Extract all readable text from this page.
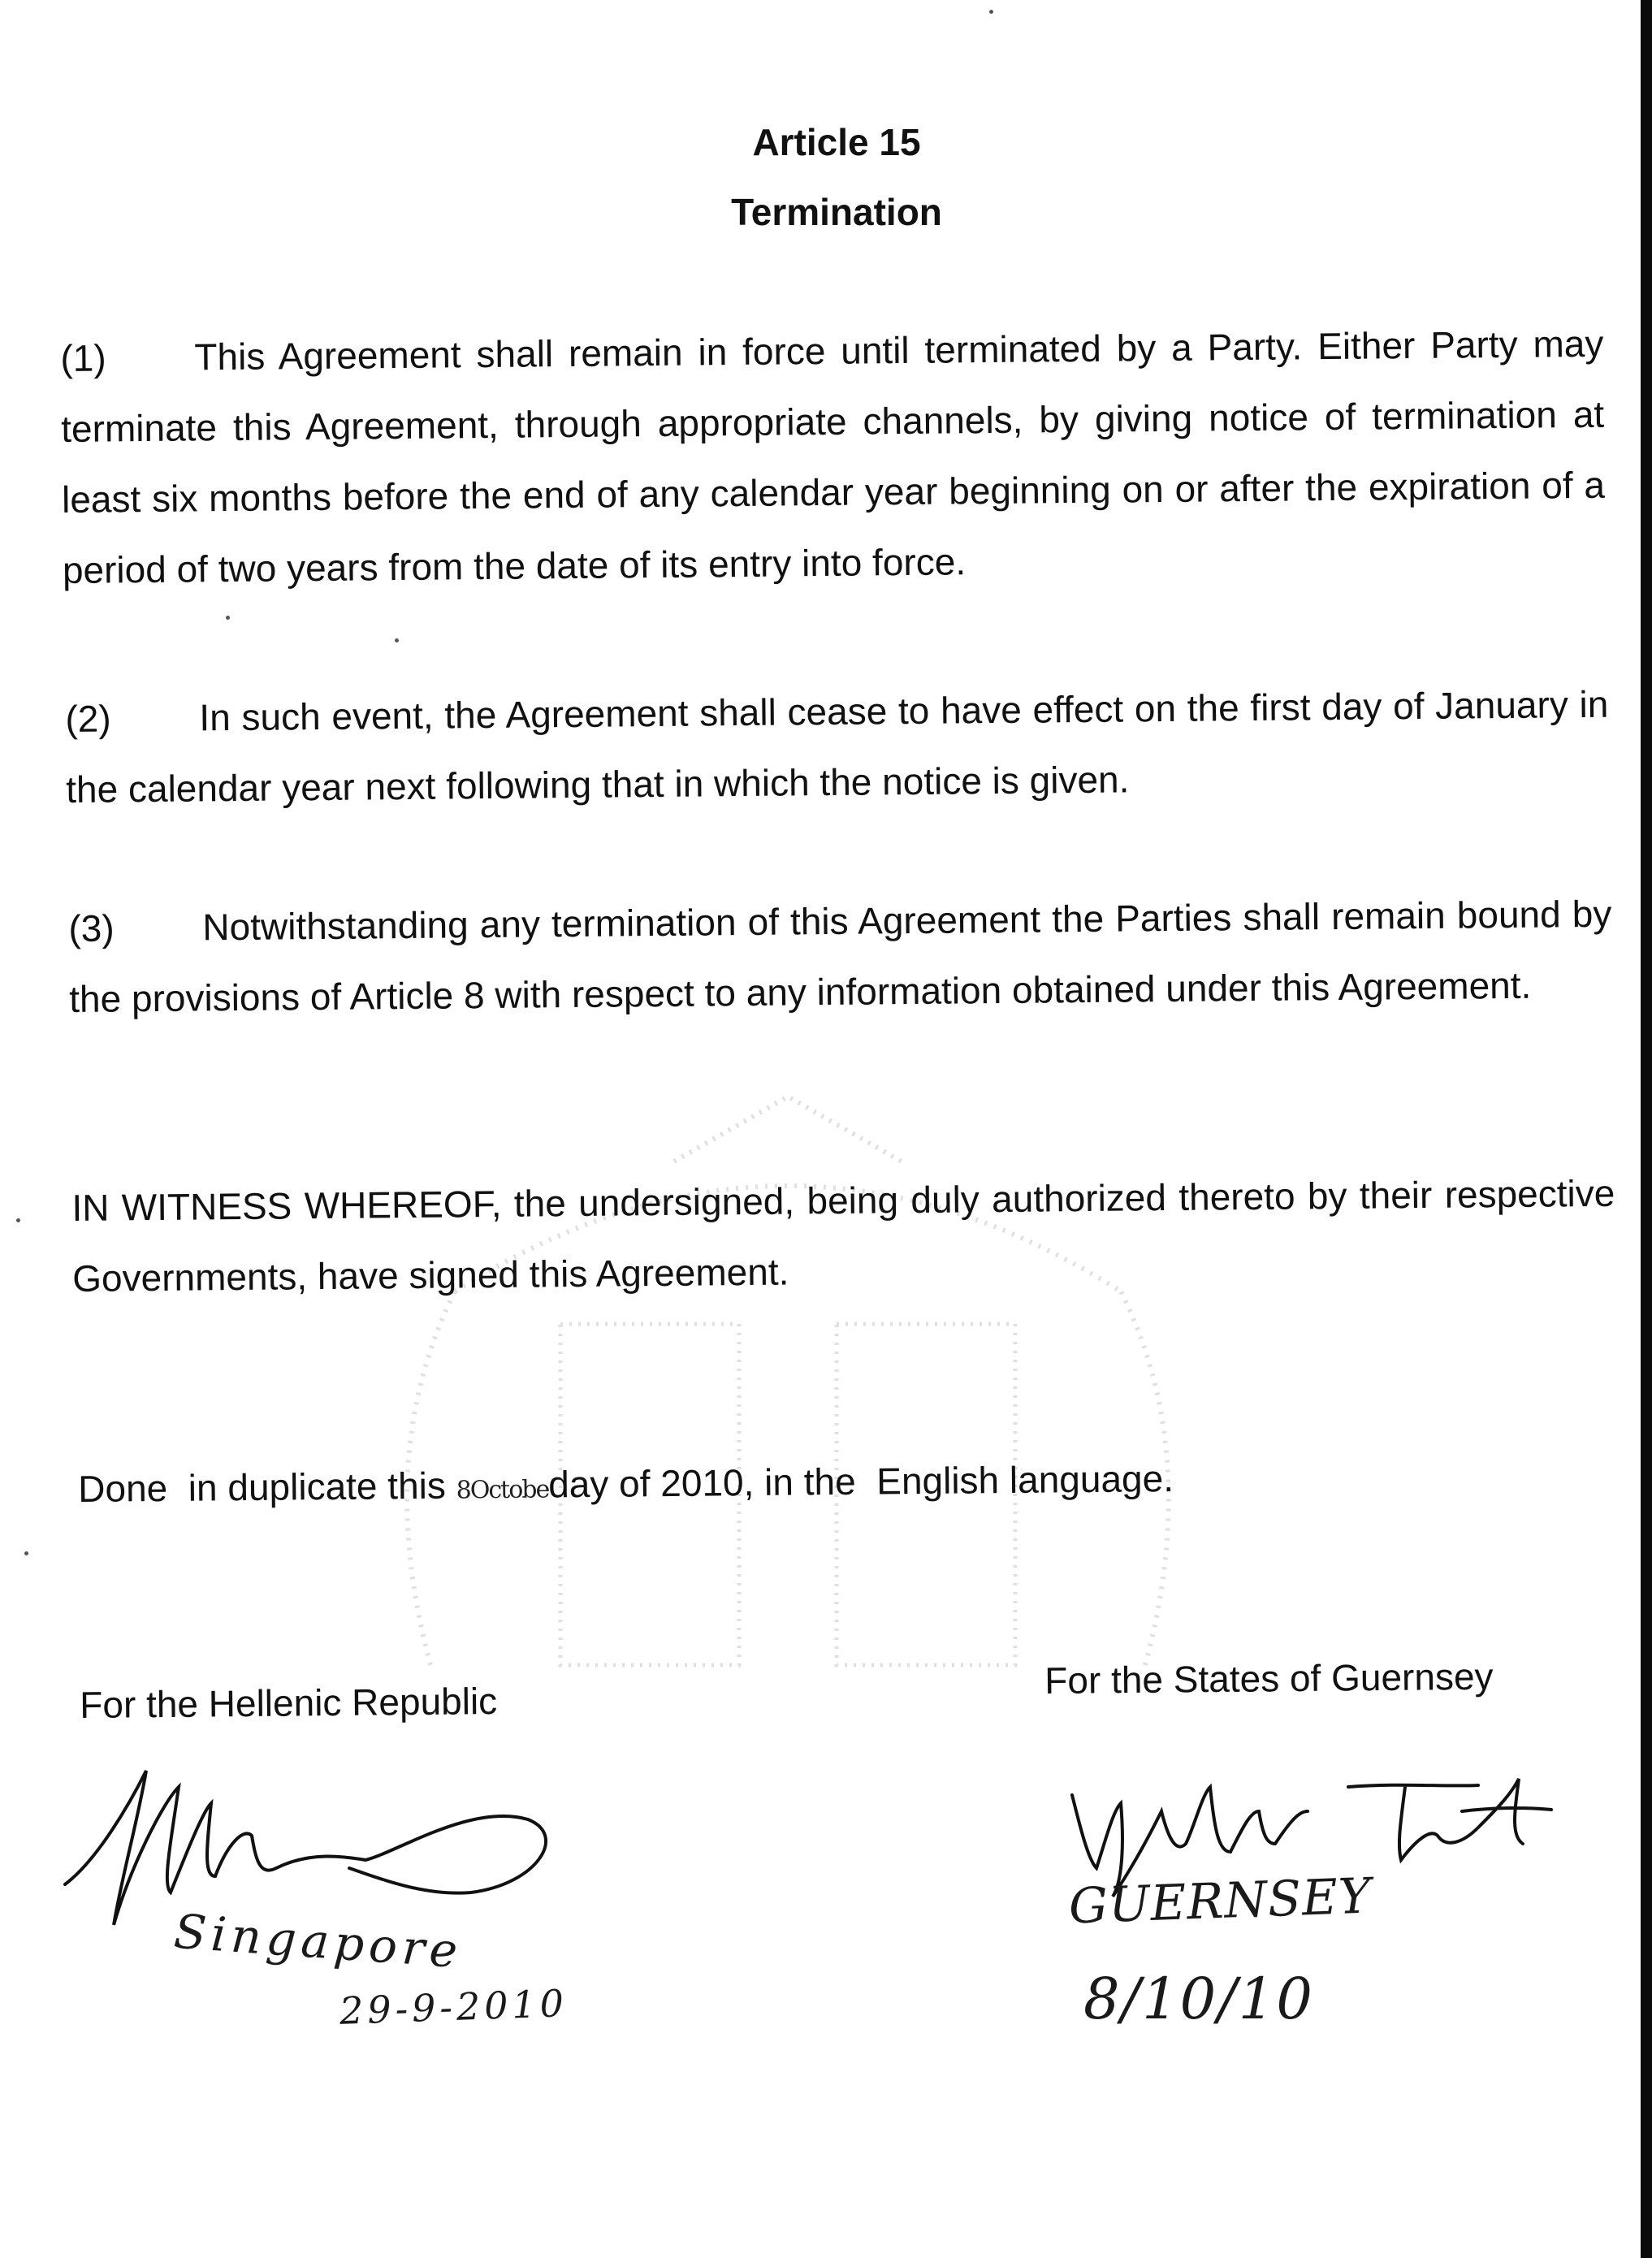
Article 15
Termination
(1) This Agreement shall remain in force until terminated by a Party. Either Party may terminate this Agreement, through appropriate channels, by giving notice of termination at least six months before the end of any calendar year beginning on or after the expiration of a period of two years from the date of its entry into force.
(2) In such event, the Agreement shall cease to have effect on the first day of January in the calendar year next following that in which the notice is given.
(3) Notwithstanding any termination of this Agreement the Parties shall remain bound by the provisions of Article 8 with respect to any information obtained under this Agreement.
IN WITNESS WHEREOF, the undersigned, being duly authorized thereto by their respective Governments, have signed this Agreement.
Done  in duplicate this 8Octobeday of 2010, in the  English language.
For the Hellenic Republic
For the States of Guernsey
Singapore
29-9-2010
GUERNSEY
8/10/10
